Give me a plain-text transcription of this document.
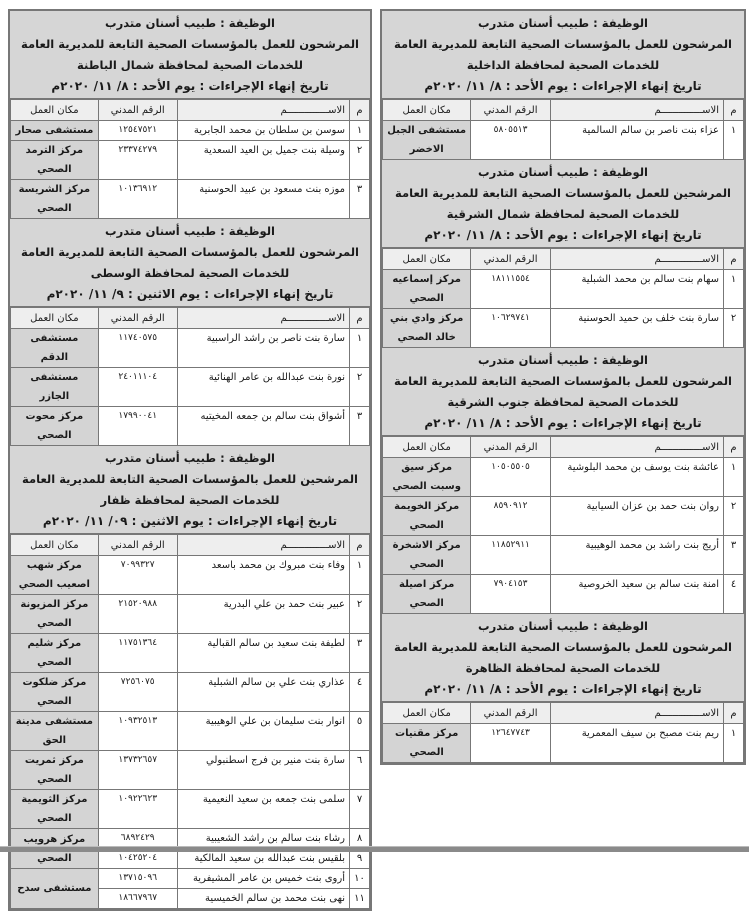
الوظيفة : طبيب أسنان متدرب
المرشحون للعمل بالمؤسسات الصحية التابعة للمديرية العامة
للخدمات الصحية لمحافظة الداخلية
تاريخ إنهاء الإجراءات : يوم الأحد : ٨/ ١١/ ٢٠٢٠م
م	الاســــــــــــــم	الرقم المدني	مكان العمل
١	عزاء بنت ناصر بن سالم السالمية	٥٨٠٥٥١٣	مستشفى الجبل الاخضر
الوظيفة : طبيب أسنان متدرب
المرشحين للعمل بالمؤسسات الصحية التابعة للمديرية العامة
للخدمات الصحية لمحافظة شمال الشرقية
تاريخ إنهاء الإجراءات : يوم الأحد : ٨/ ١١/ ٢٠٢٠م
م	الاســــــــــــــم	الرقم المدني	مكان العمل
١	سهام بنت سالم بن محمد الشبلية	١٨١١١٥٥٤	مركز إسماعيه الصحي
٢	سارة بنت خلف بن حميد الحوسنية	١٠٦٢٩٧٤١	مركز وادي بني خالد الصحي
الوظيفة : طبيب أسنان متدرب
المرشحون للعمل بالمؤسسات الصحية التابعة للمديرية العامة
للخدمات الصحية لمحافظة جنوب الشرقية
تاريخ إنهاء الإجراءات : يوم الأحد : ٨/ ١١/ ٢٠٢٠م
م	الاســــــــــــــم	الرقم المدني	مكان العمل
١	عائشة بنت يوسف بن محمد البلوشية	١٠٥٠٥٥٠٥	مركز سيق وسبت الصحي
٢	روان بنت حمد بن عزان السيابية	٨٥٩٠٩١٢	مركز الخويمة الصحي
٣	أريج بنت راشد بن محمد الوهيبية	١١٨٥٢٩١١	مركز الاشخرة الصحي
٤	امنة بنت سالم بن سعيد الخروصية	٧٩٠٤١٥٣	مركز اصيلة الصحي
الوظيفة : طبيب أسنان متدرب
المرشحون للعمل بالمؤسسات الصحية التابعة للمديرية العامة
للخدمات الصحية لمحافظة الظاهرة
تاريخ إنهاء الإجراءات : يوم الأحد : ٨/ ١١/ ٢٠٢٠م
م	الاســــــــــــــم	الرقم المدني	مكان العمل
١	ريم بنت مصبح بن سيف المعمرية	١٢٦٤٧٧٤٣	مركز مقنيات الصحي
الوظيفة : طبيب أسنان متدرب
المرشحون للعمل بالمؤسسات الصحية التابعة للمديرية العامة
للخدمات الصحية لمحافظة شمال الباطنة
تاريخ إنهاء الإجراءات : يوم الأحد : ٨/ ١١/ ٢٠٢٠م
م	الاســــــــــــــم	الرقم المدني	مكان العمل
١	سوسن بن سلطان بن محمد الجابرية	١٢٥٤٧٥٢١	مستشفى صحار
٢	وسيلة بنت جميل بن العيد السعدية	٢٣٣٧٤٢٧٩	مركز الترمد الصحي
٣	موزه بنت مسعود بن عبيد الحوسنية	١٠١٣٦٩١٢	مركز الشريسة الصحي
الوظيفة : طبيب أسنان متدرب
المرشحون للعمل بالمؤسسات الصحية التابعة للمديرية العامة
للخدمات الصحية لمحافظة الوسطى
تاريخ إنهاء الإجراءات : يوم الاثنين : ٩/ ١١/ ٢٠٢٠م
م	الاســــــــــــــم	الرقم المدني	مكان العمل
١	سارة بنت ناصر بن راشد الراسبية	١١٧٤٠٥٧٥	مستشفى الدقم
٢	نورة بنت عبدالله بن عامر الهنائية	٢٤٠١١١٠٤	مستشفى الجازر
٣	أشواق بنت سالم بن جمعه المخيتيه	١٧٩٩٠٠٤١	مركز محوت الصحي
الوظيفة : طبيب أسنان متدرب
المرشحين للعمل بالمؤسسات الصحية التابعة للمديرية العامة
للخدمات الصحية لمحافظة ظفار
تاريخ إنهاء الإجراءات : يوم الاثنين : ٠٩/ ١١/ ٢٠٢٠م
م	الاســــــــــــــم	الرقم المدني	مكان العمل
١	وفاء بنت مبروك بن محمد باسعد	٧٠٩٩٣٢٧	مركز شهب اصعيب الصحي
٢	عبير بنت حمد بن علي البدرية	٢١٥٢٠٩٨٨	مركز المزيونة الصحي
٣	لطيفة بنت سعيد بن سالم القبالية	١١٧٥١٣٦٤	مركز شليم الصحي
٤	عذاري بنت علي بن سالم الشبلية	٧٢٥٦٠٧٥	مركز ضلكوت الصحي
٥	انوار بنت سليمان بن علي الوهيبية	١٠٩٣٢٥١٣	مستشفى مدينة الحق
٦	سارة بنت منير بن فرج اسطنبولي	١٣٧٣٢٦٥٧	مركز ثمريت الصحي
٧	سلمى بنت جمعه بن سعيد النعيمية	١٠٩٢٢٦٢٣	مركز الثويمية الصحي
٨	رشاء بنت سالم بن راشد الشعيبية	٦٨٩٢٤٢٩	مركز هرويب الصحي
٩	بلقيس بنت عبدالله بن سعيد المالكية	١٠٤٢٥٢٠٤	
١٠	أروى بنت خميس بن عامر المشيفرية	١٣٧١٥٠٩٦	مستشفى سدح
١١	نهى بنت محمد بن سالم الخميسية	١٨٦٦٧٩٦٧	
